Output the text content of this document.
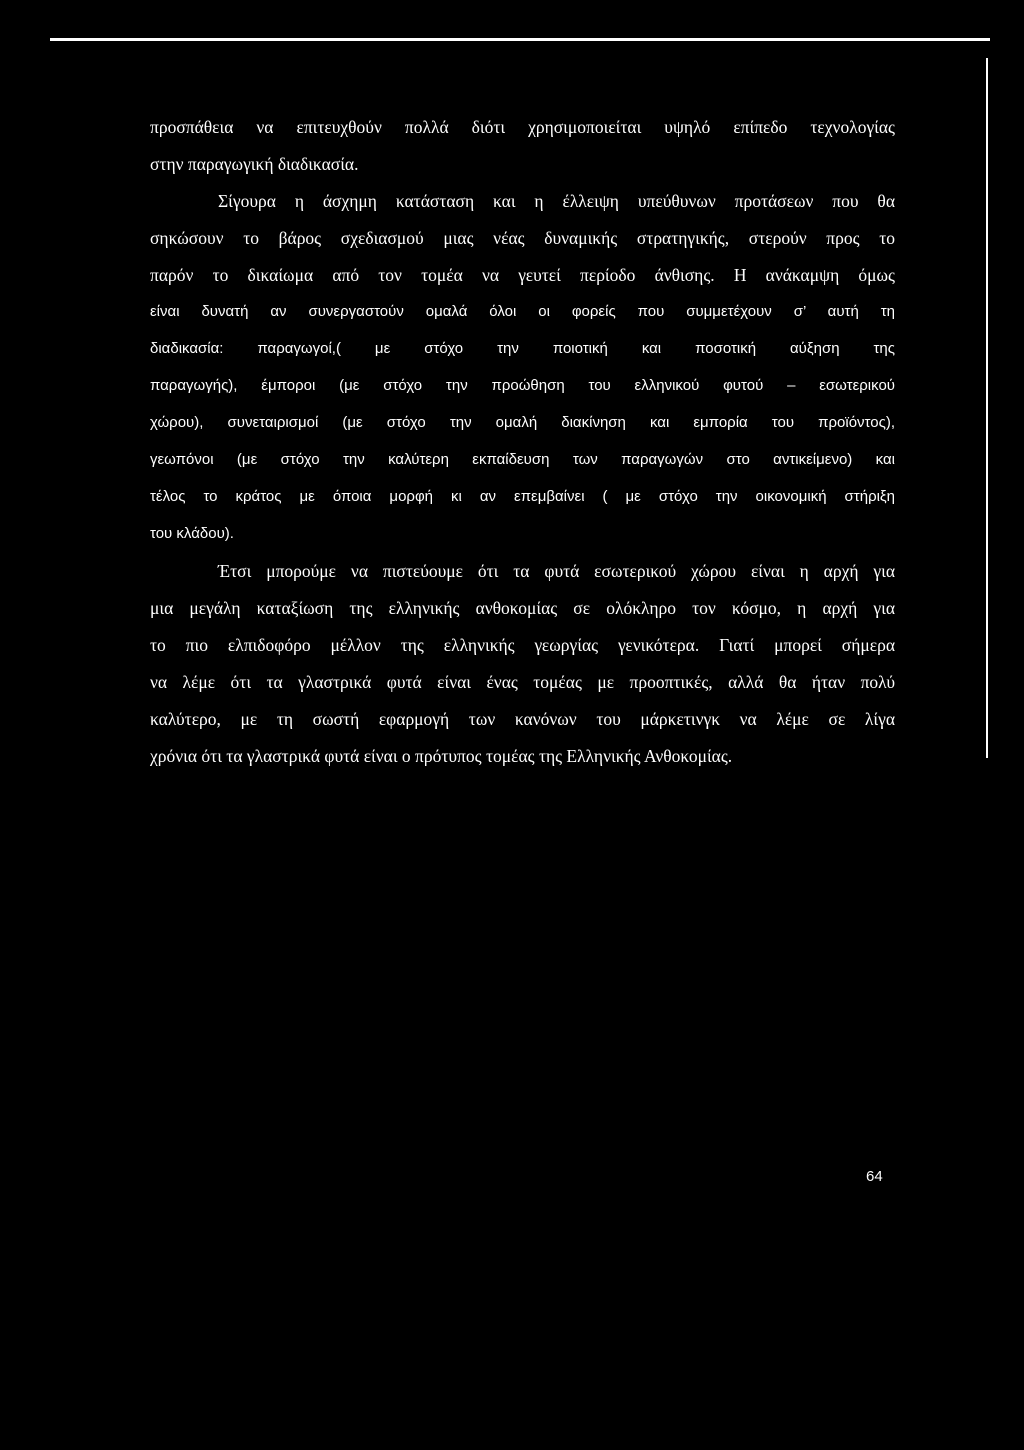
προσπάθεια να επιτευχθούν πολλά διότι χρησιμοποιείται υψηλό επίπεδο τεχνολογίας

στην παραγωγική διαδικασία.

Σίγουρα η άσχημη κατάσταση και η έλλειψη υπεύθυνων προτάσεων που θα

σηκώσουν το βάρος σχεδιασμού μιας νέας δυναμικής στρατηγικής, στερούν προς το

παρόν το δικαίωμα από τον τομέα να γευτεί περίοδο άνθισης. Η ανάκαμψη όμως

είναι δυνατή αν συνεργαστούν ομαλά όλοι οι φορείς που συμμετέχουν σ’ αυτή τη

διαδικασία: παραγωγοί,( με στόχο την ποιοτική και ποσοτική αύξηση της

παραγωγής), έμποροι (με στόχο την προώθηση του ελληνικού φυτού – εσωτερικού

χώρου), συνεταιρισμοί (με στόχο την ομαλή διακίνηση και εμπορία του προϊόντος),

γεωπόνοι (με στόχο την καλύτερη εκπαίδευση των παραγωγών στο αντικείμενο) και

τέλος το κράτος με όποια μορφή κι αν επεμβαίνει ( με στόχο την οικονομική στήριξη

του κλάδου).

Έτσι μπορούμε να πιστεύουμε ότι τα φυτά εσωτερικού χώρου είναι η αρχή για

μια μεγάλη καταξίωση της ελληνικής ανθοκομίας σε ολόκληρο τον κόσμο, η αρχή για

το πιο ελπιδοφόρο μέλλον της ελληνικής γεωργίας γενικότερα. Γιατί μπορεί σήμερα

να λέμε ότι τα γλαστρικά φυτά είναι ένας τομέας με προοπτικές, αλλά θα ήταν πολύ

καλύτερο, με τη σωστή εφαρμογή των κανόνων του μάρκετινγκ να λέμε σε λίγα

χρόνια ότι τα γλαστρικά φυτά είναι ο πρότυπος τομέας της Ελληνικής Ανθοκομίας.

64
